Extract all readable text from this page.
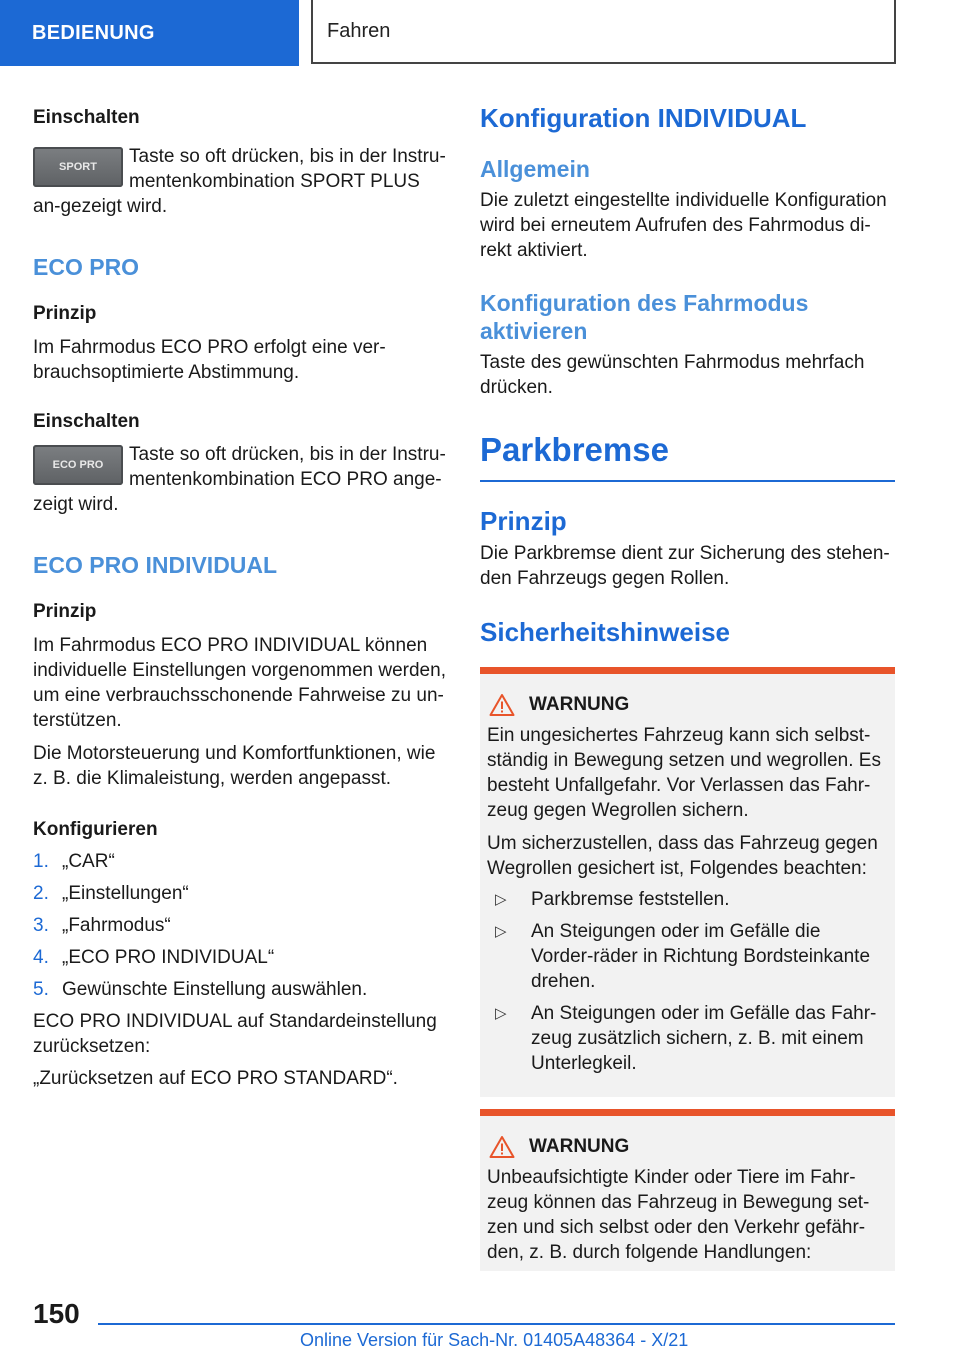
BEDIENUNG	Fahren

Einschalten

SPORT	Taste so oft drücken, bis in der Instru-mentenkombination SPORT PLUS an-gezeigt wird.

ECO PRO

Prinzip

Im Fahrmodus ECO PRO erfolgt eine ver-brauchsoptimierte Abstimmung.

Einschalten

ECO PRO	Taste so oft drücken, bis in der Instru-mentenkombination ECO PRO ange-zeigt wird.

ECO PRO INDIVIDUAL

Prinzip

Im Fahrmodus ECO PRO INDIVIDUAL können individuelle Einstellungen vorgenommen werden, um eine verbrauchsschonende Fahrweise zu un-terstützen.

Die Motorsteuerung und Komfortfunktionen, wie z. B. die Klimaleistung, werden angepasst.

Konfigurieren

1. „CAR“
2. „Einstellungen“
3. „Fahrmodus“
4. „ECO PRO INDIVIDUAL“
5. Gewünschte Einstellung auswählen.

ECO PRO INDIVIDUAL auf Standardeinstellung zurücksetzen:

„Zurücksetzen auf ECO PRO STANDARD“.

Konfiguration INDIVIDUAL

Allgemein

Die zuletzt eingestellte individuelle Konfiguration wird bei erneutem Aufrufen des Fahrmodus di-rekt aktiviert.

Konfiguration des Fahrmodus aktivieren

Taste des gewünschten Fahrmodus mehrfach drücken.

Parkbremse

Prinzip

Die Parkbremse dient zur Sicherung des stehen-den Fahrzeugs gegen Rollen.

Sicherheitshinweise

WARNUNG

Ein ungesichertes Fahrzeug kann sich selbst-ständig in Bewegung setzen und wegrollen. Es besteht Unfallgefahr. Vor Verlassen das Fahr-zeug gegen Wegrollen sichern.

Um sicherzustellen, dass das Fahrzeug gegen Wegrollen gesichert ist, Folgendes beachten:

▷	Parkbremse feststellen.
▷	An Steigungen oder im Gefälle die Vorder-räder in Richtung Bordsteinkante drehen.
▷	An Steigungen oder im Gefälle das Fahr-zeug zusätzlich sichern, z. B. mit einem Unterlegkeil.
WARNUNG

Unbeaufsichtigte Kinder oder Tiere im Fahr-zeug können das Fahrzeug in Bewegung set-zen und sich selbst oder den Verkehr gefähr-den, z. B. durch folgende Handlungen:

150
Online Version für Sach-Nr. 01405A48364 - X/21
